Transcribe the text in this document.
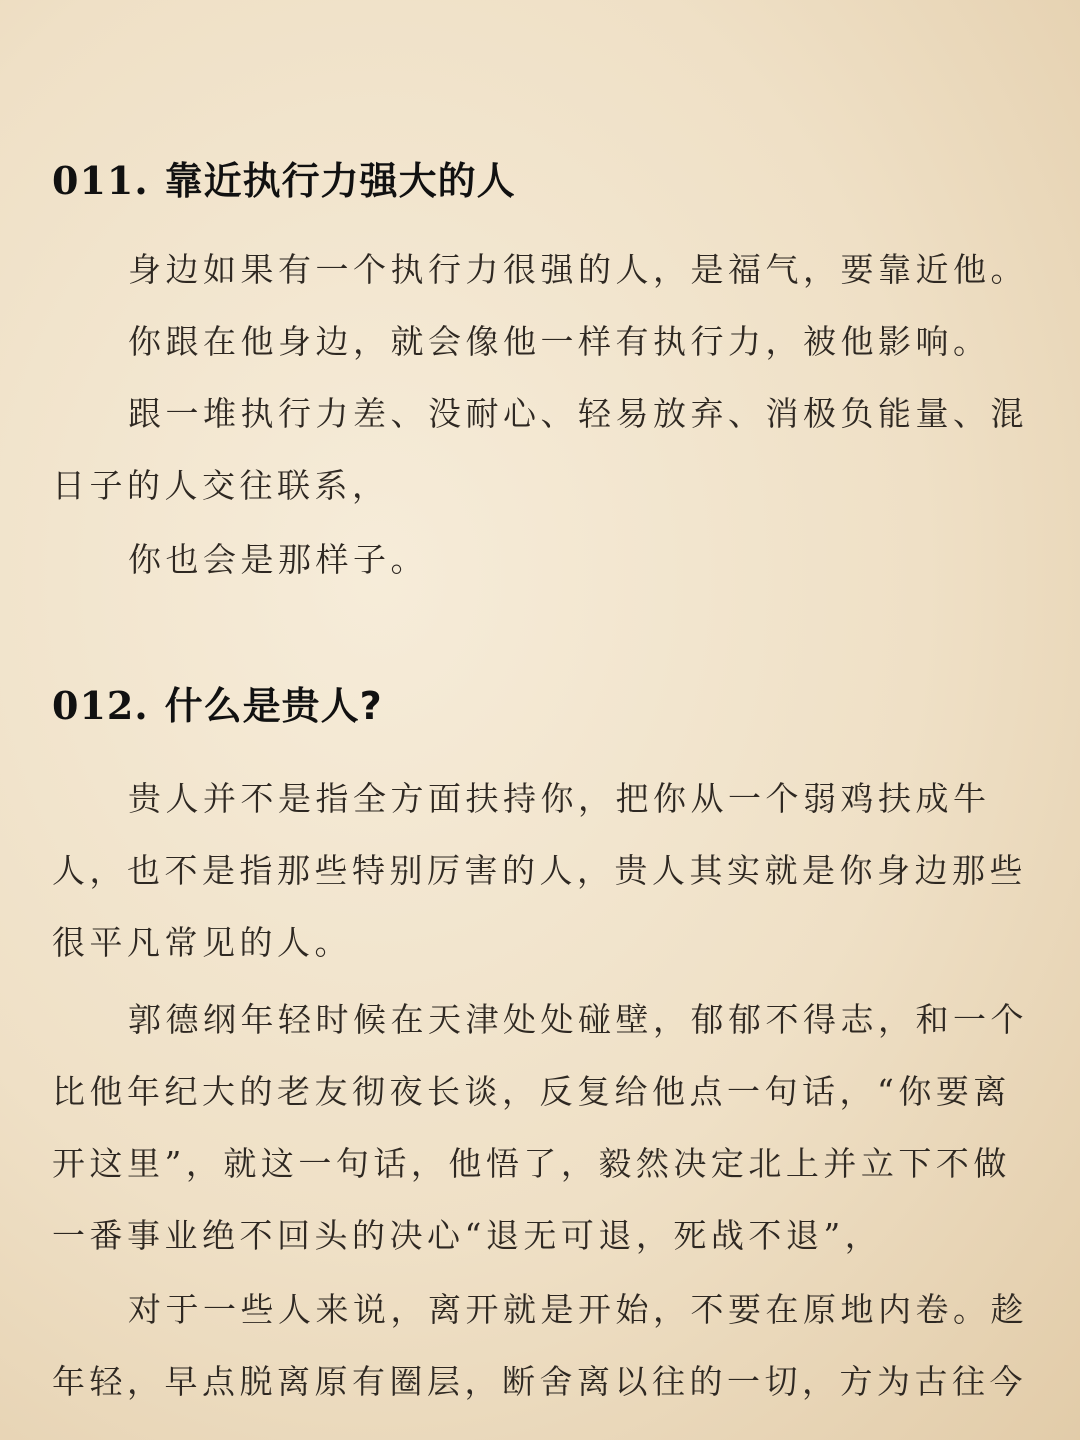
011. 靠近执行力强大的人

身边如果有一个执行力很强的人，是福气，要靠近他。

你跟在他身边，就会像他一样有执行力，被他影响。

跟一堆执行力差、没耐心、轻易放弃、消极负能量、混日子的人交往联系，

你也会是那样子。

012. 什么是贵人?

贵人并不是指全方面扶持你，把你从一个弱鸡扶成牛人，也不是指那些特别厉害的人，贵人其实就是你身边那些很平凡常见的人。

郭德纲年轻时候在天津处处碰壁，郁郁不得志，和一个比他年纪大的老友彻夜长谈，反复给他点一句话，“你要离开这里”，就这一句话，他悟了，毅然决定北上并立下不做一番事业绝不回头的决心“退无可退，死战不退”，

对于一些人来说，离开就是开始，不要在原地内卷。趁年轻，早点脱离原有圈层，断舍离以往的一切，方为古往今
